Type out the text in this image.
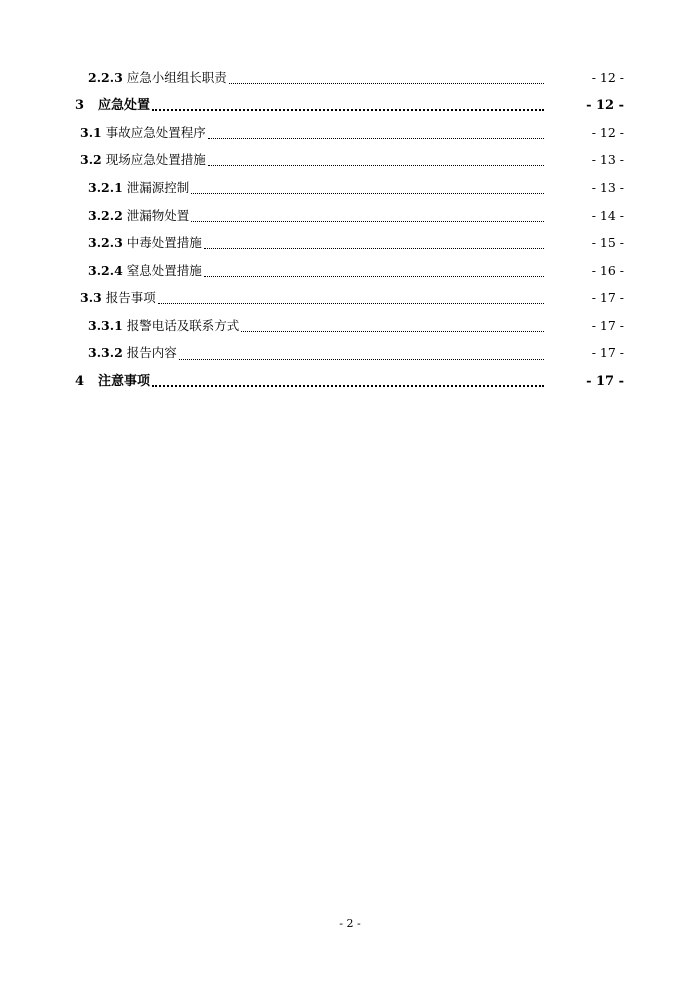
2.2.3 应急小组组长职责	- 12 -
3 应急处置	- 12 -
3.1 事故应急处置程序	- 12 -
3.2 现场应急处置措施	- 13 -
3.2.1 泄漏源控制	- 13 -
3.2.2 泄漏物处置	- 14 -
3.2.3 中毒处置措施	- 15 -
3.2.4 窒息处置措施	- 16 -
3.3 报告事项	- 17 -
3.3.1 报警电话及联系方式	- 17 -
3.3.2 报告内容	- 17 -
4 注意事项	- 17 -
- 2 -
